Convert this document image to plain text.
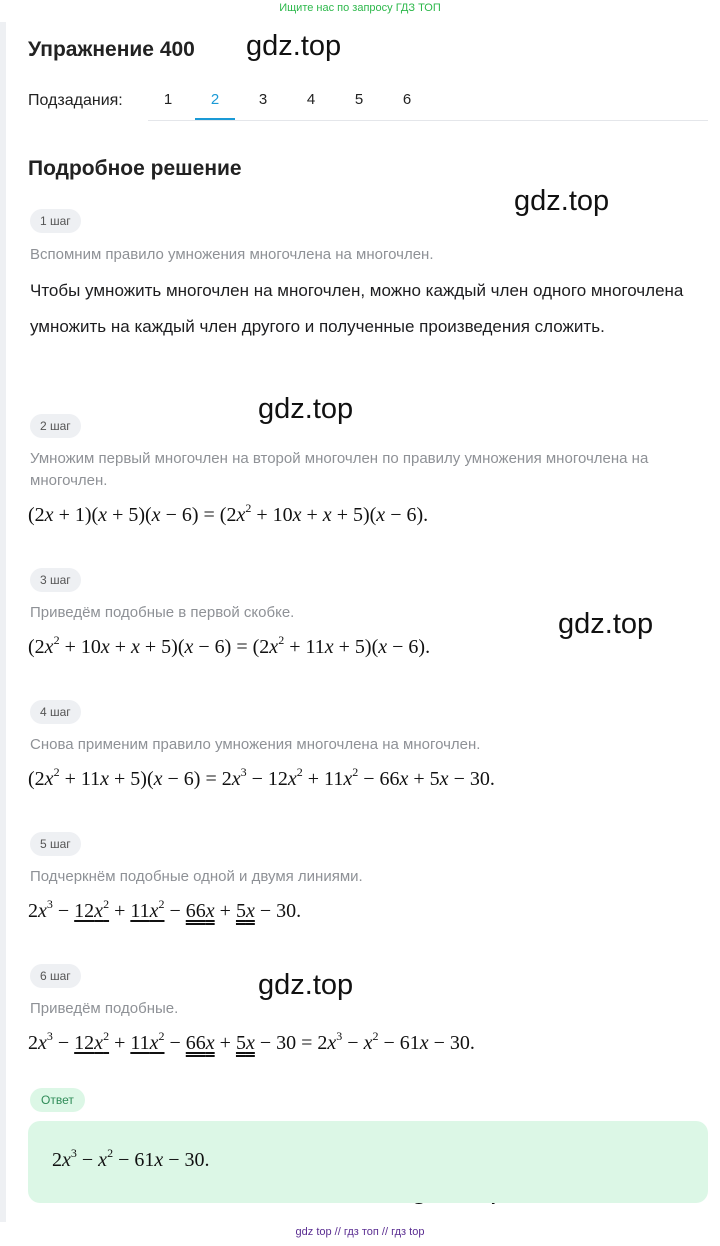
Ищите нас по запросу ГДЗ ТОП
Упражнение 400 gdz.top
gdz.top
gdz.top
gdz.top
gdz.top
Подзадания:	1	2	3	4	5	6
Подробное решение
1 шаг
Вспомним правило умножения многочлена на многочлен.
Чтобы умножить многочлен на многочлен, можно каждый член одного многочлена умножить на каждый член другого и полученные произведения сложить.
2 шаг
Умножим первый многочлен на второй многочлен по правилу умножения многочлена на многочлен.
$(2x + 1)(x + 5)(x - 6) = (2x^2 + 10x + x + 5)(x - 6)$.
3 шаг
Приведём подобные в первой скобке.
$(2x^2 + 10x + x + 5)(x - 6) = (2x^2 + 11x + 5)(x - 6)$.
4 шаг
Снова применим правило умножения многочлена на многочлен.
$(2x^2 + 11x + 5)(x - 6) = 2x^3 - 12x^2 + 11x^2 - 66x + 5x - 30$.
5 шаг
Подчеркнём подобные одной и двумя линиями.
$2x^3 - 12x^2 + 11x^2 - 66x + 5x - 30$.
6 шаг
Приведём подобные.
$2x^3 - 12x^2 + 11x^2 - 66x + 5x - 30 = 2x^3 - x^2 - 61x - 30$.
Ответ
$2x^3 - x^2 - 61x - 30$.
gdz top // гдз топ // гдз top
